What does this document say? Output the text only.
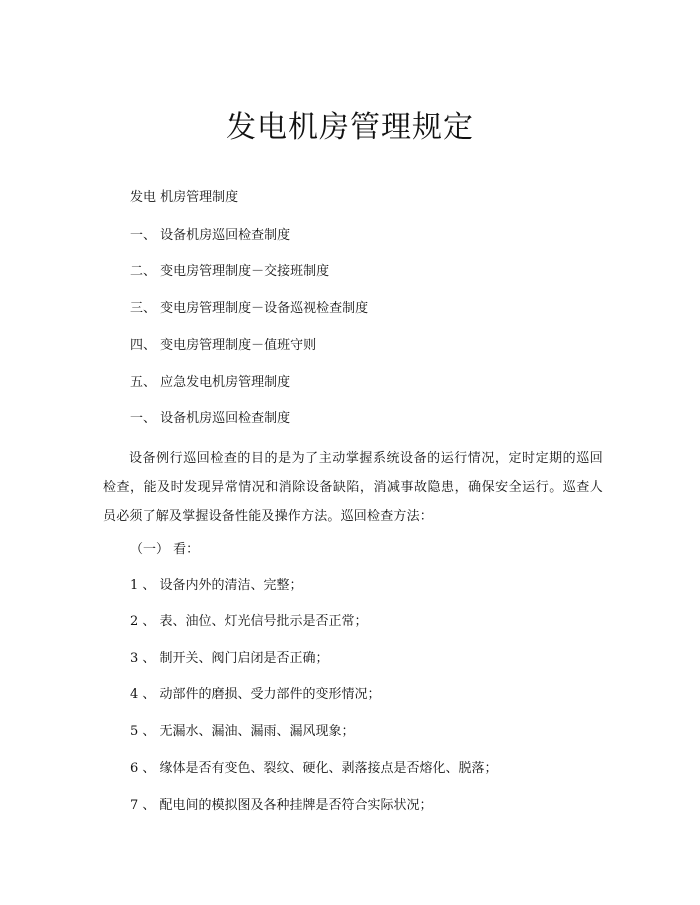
发电机房管理规定

发电 机房管理制度

一、 设备机房巡回检查制度

二、 变电房管理制度－交接班制度

三、 变电房管理制度－设备巡视检查制度

四、 变电房管理制度－值班守则

五、 应急发电机房管理制度

一、 设备机房巡回检查制度

设备例行巡回检查的目的是为了主动掌握系统设备的运行情况，定时定期的巡回检查，能及时发现异常情况和消除设备缺陷，消减事故隐患，确保安全运行。巡查人员必须了解及掌握设备性能及操作方法。巡回检查方法：

（一） 看：

1 、 设备内外的清洁、完整；

2 、 表、油位、灯光信号批示是否正常；

3 、 制开关、阀门启闭是否正确；

4 、 动部件的磨损、受力部件的变形情况；

5 、 无漏水、漏油、漏雨、漏风现象；

6 、 缘体是否有变色、裂纹、硬化、剥落接点是否熔化、脱落；

7 、 配电间的模拟图及各种挂牌是否符合实际状况；
